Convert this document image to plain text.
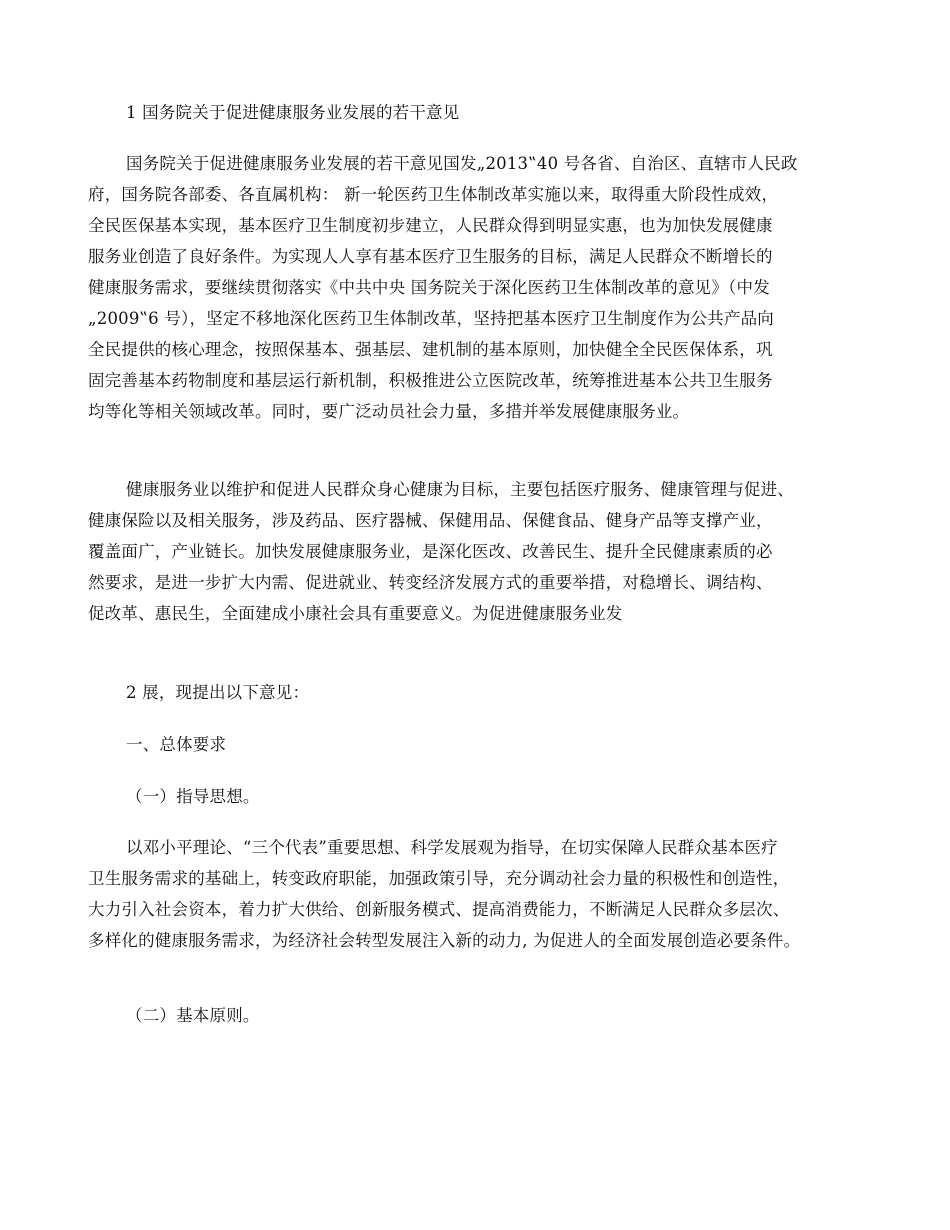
1 国务院关于促进健康服务业发展的若干意见
国务院关于促进健康服务业发展的若干意见国发„2013‟40 号各省、自治区、直辖市人民政
府，国务院各部委、各直属机构： 新一轮医药卫生体制改革实施以来，取得重大阶段性成效，
全民医保基本实现，基本医疗卫生制度初步建立，人民群众得到明显实惠，也为加快发展健康
服务业创造了良好条件。为实现人人享有基本医疗卫生服务的目标，满足人民群众不断增长的
健康服务需求，要继续贯彻落实《中共中央 国务院关于深化医药卫生体制改革的意见》（中发
„2009‟6 号），坚定不移地深化医药卫生体制改革，坚持把基本医疗卫生制度作为公共产品向
全民提供的核心理念，按照保基本、强基层、建机制的基本原则，加快健全全民医保体系，巩
固完善基本药物制度和基层运行新机制，积极推进公立医院改革，统筹推进基本公共卫生服务
均等化等相关领域改革。同时，要广泛动员社会力量，多措并举发展健康服务业。
健康服务业以维护和促进人民群众身心健康为目标，主要包括医疗服务、健康管理与促进、
健康保险以及相关服务，涉及药品、医疗器械、保健用品、保健食品、健身产品等支撑产业，
覆盖面广，产业链长。加快发展健康服务业，是深化医改、改善民生、提升全民健康素质的必
然要求，是进一步扩大内需、促进就业、转变经济发展方式的重要举措，对稳增长、调结构、
促改革、惠民生，全面建成小康社会具有重要意义。为促进健康服务业发
2 展，现提出以下意见：
一、总体要求
（一）指导思想。
以邓小平理论、“三个代表”重要思想、科学发展观为指导，在切实保障人民群众基本医疗
卫生服务需求的基础上，转变政府职能，加强政策引导，充分调动社会力量的积极性和创造性，
大力引入社会资本，着力扩大供给、创新服务模式、提高消费能力，不断满足人民群众多层次、
多样化的健康服务需求，为经济社会转型发展注入新的动力, 为促进人的全面发展创造必要条件。
（二）基本原则。
